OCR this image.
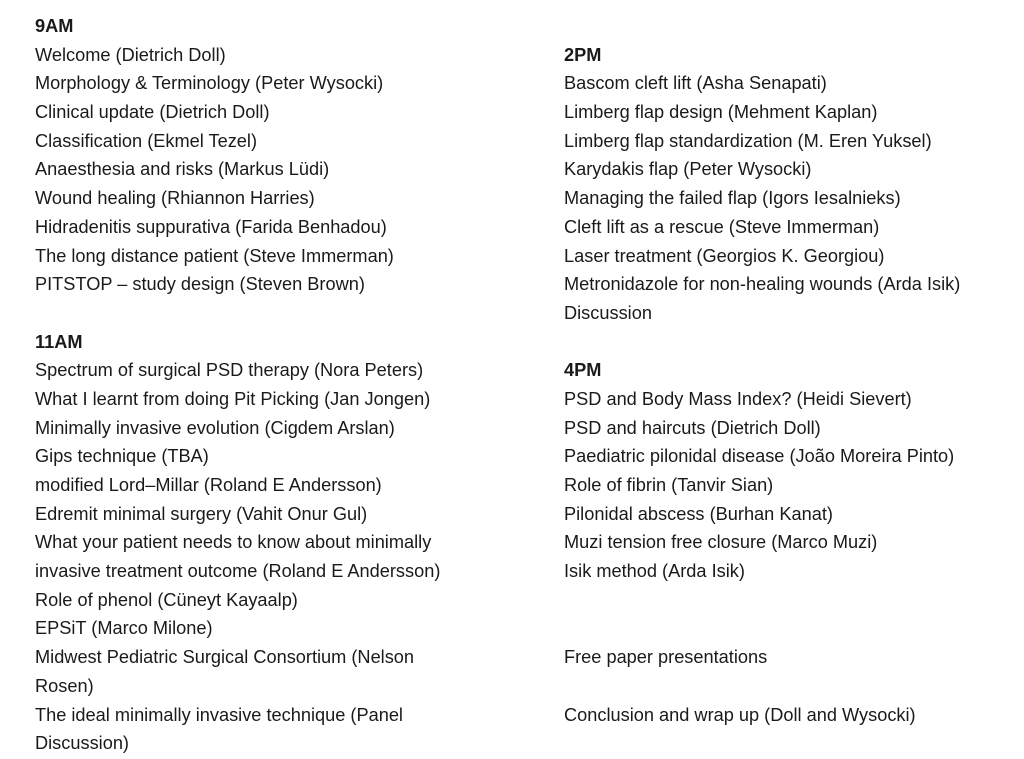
9AM
Welcome (Dietrich Doll)
Morphology & Terminology (Peter Wysocki)
Clinical update (Dietrich Doll)
Classification (Ekmel Tezel)
Anaesthesia and risks (Markus Lüdi)
Wound healing (Rhiannon Harries)
Hidradenitis suppurativa (Farida Benhadou)
The long distance patient (Steve Immerman)
PITSTOP – study design (Steven Brown)
11AM
Spectrum of surgical PSD therapy (Nora Peters)
What I learnt from doing Pit Picking (Jan Jongen)
Minimally invasive evolution (Cigdem Arslan)
Gips technique (TBA)
modified Lord–Millar (Roland E Andersson)
Edremit minimal surgery (Vahit Onur Gul)
What your patient needs to know about minimally
invasive treatment outcome (Roland E Andersson)
Role of phenol (Cüneyt Kayaalp)
EPSiT (Marco Milone)
Midwest Pediatric Surgical Consortium (Nelson
Rosen)
The ideal minimally invasive technique (Panel
Discussion)
2PM
Bascom cleft lift (Asha Senapati)
Limberg flap design (Mehment Kaplan)
Limberg flap standardization (M. Eren Yuksel)
Karydakis flap (Peter Wysocki)
Managing the failed flap (Igors Iesalnieks)
Cleft lift as a rescue (Steve Immerman)
Laser treatment (Georgios K. Georgiou)
Metronidazole for non-healing wounds (Arda Isik)
Discussion
4PM
PSD and Body Mass Index? (Heidi Sievert)
PSD and haircuts (Dietrich Doll)
Paediatric pilonidal disease (João Moreira Pinto)
Role of fibrin (Tanvir Sian)
Pilonidal abscess (Burhan Kanat)
Muzi tension free closure (Marco Muzi)
Isik method (Arda Isik)
Free paper presentations
Conclusion and wrap up (Doll and Wysocki)
